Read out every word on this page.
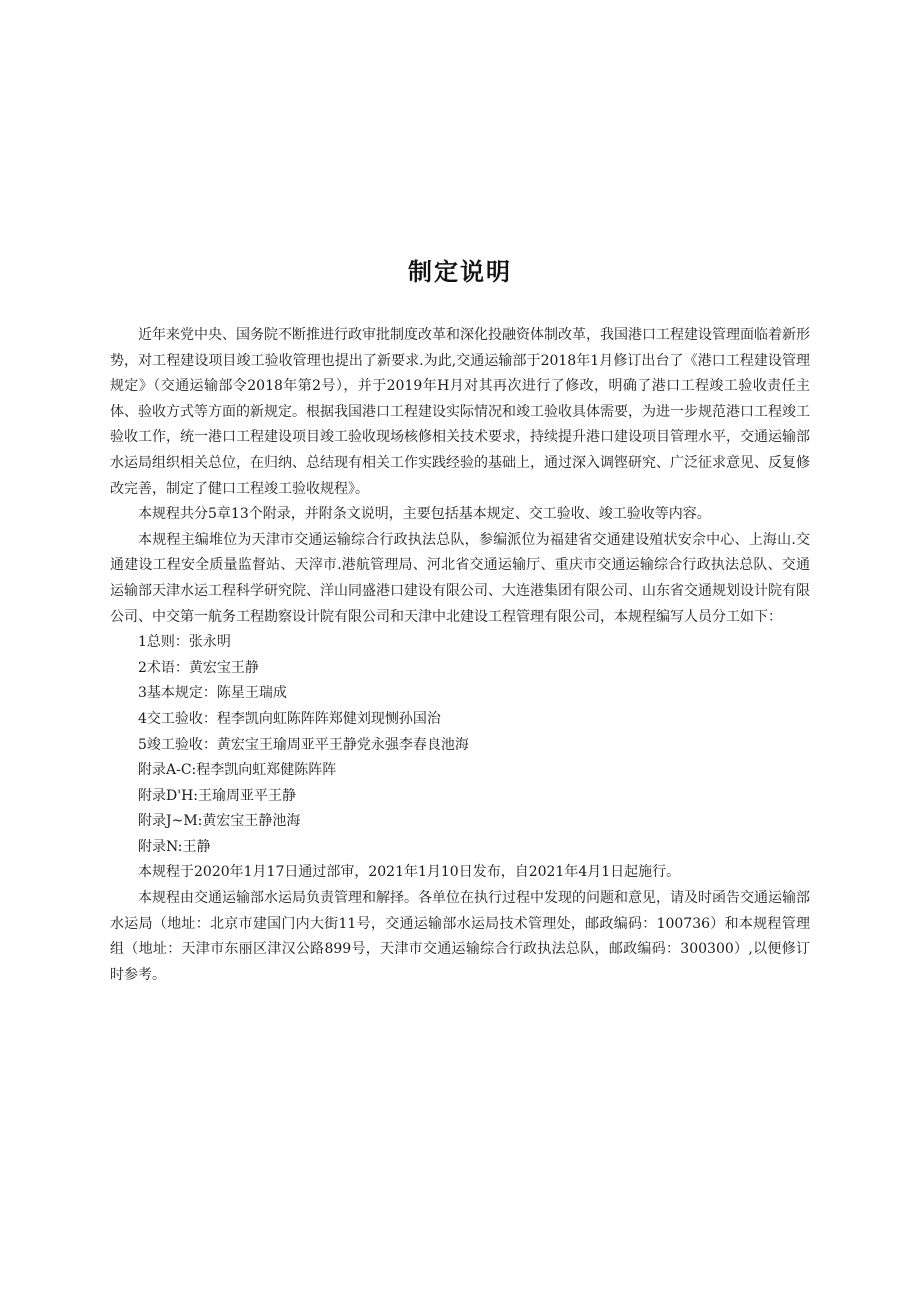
制定说明

近年来党中央、国务院不断推进行政审批制度改革和深化投融资体制改革，我国港口工程建设管理面临着新形势，对工程建设项目竣工验收管理也提出了新要求.为此,交通运输部于2018年1月修订出台了《港口工程建设管理规定》（交通运输部令2018年第2号），并于2019年H月对其再次进行了修改，明确了港口工程竣工验收责任主体、验收方式等方面的新规定。根据我国港口工程建设实际情况和竣工验收具体需要，为进一步规范港口工程竣工验收工作，统一港口工程建设项目竣工验收现场核修相关技术要求，持续提升港口建设项目管理水平，交通运输部水运局组织相关总位，在归纳、总结现有相关工作实践经验的基础上，通过深入调铿研究、广泛征求意见、反复修改完善，制定了健口工程竣工验收规程》。

本规程共分5章13个附录，并附条文说明，主要包括基本规定、交工验收、竣工验收等内容。

本规程主编堆位为天津市交通运输综合行政执法总队，参编派位为福建省交通建设殖状安佘中心、上海山.交通建设工程安全质量监督站、天滓市.港航管理局、河北省交通运输厅、重庆市交通运输综合行政执法总队、交通运输部天津水运工程科学研究院、洋山同盛港口建设有限公司、大连港集团有限公司、山东省交通规划设计院有限公司、中交第一航务工程勘察设计院有限公司和天津中北建设工程管理有限公司，本规程编写人员分工如下：

1总则：张永明
2术语：黄宏宝王静
3基本规定：陈星王瑞成
4交工验收：程李凯向虹陈阵阵郑健刘现恻孙国治
5竣工验收：黄宏宝王瑜周亚平王静党永强李春良池海
附录A-C:程李凯向虹郑健陈阵阵
附录D'H:王瑜周亚平王静
附录J~M:黄宏宝王静池海
附录N:王静

本规程于2020年1月17日通过部审，2021年1月10日发布，自2021年4月1日起施行。

本规程由交通运输部水运局负责管理和解择。各单位在执行过程中发现的问题和意见，请及时函告交通运输部水运局（地址：北京市建国门内大街11号，交通运输部水运局技术管理处，邮政编码：100736）和本规程管理组（地址：天津市东丽区津汉公路899号，天津市交通运输综合行政执法总队，邮政编码：300300）,以便修订时参考。
